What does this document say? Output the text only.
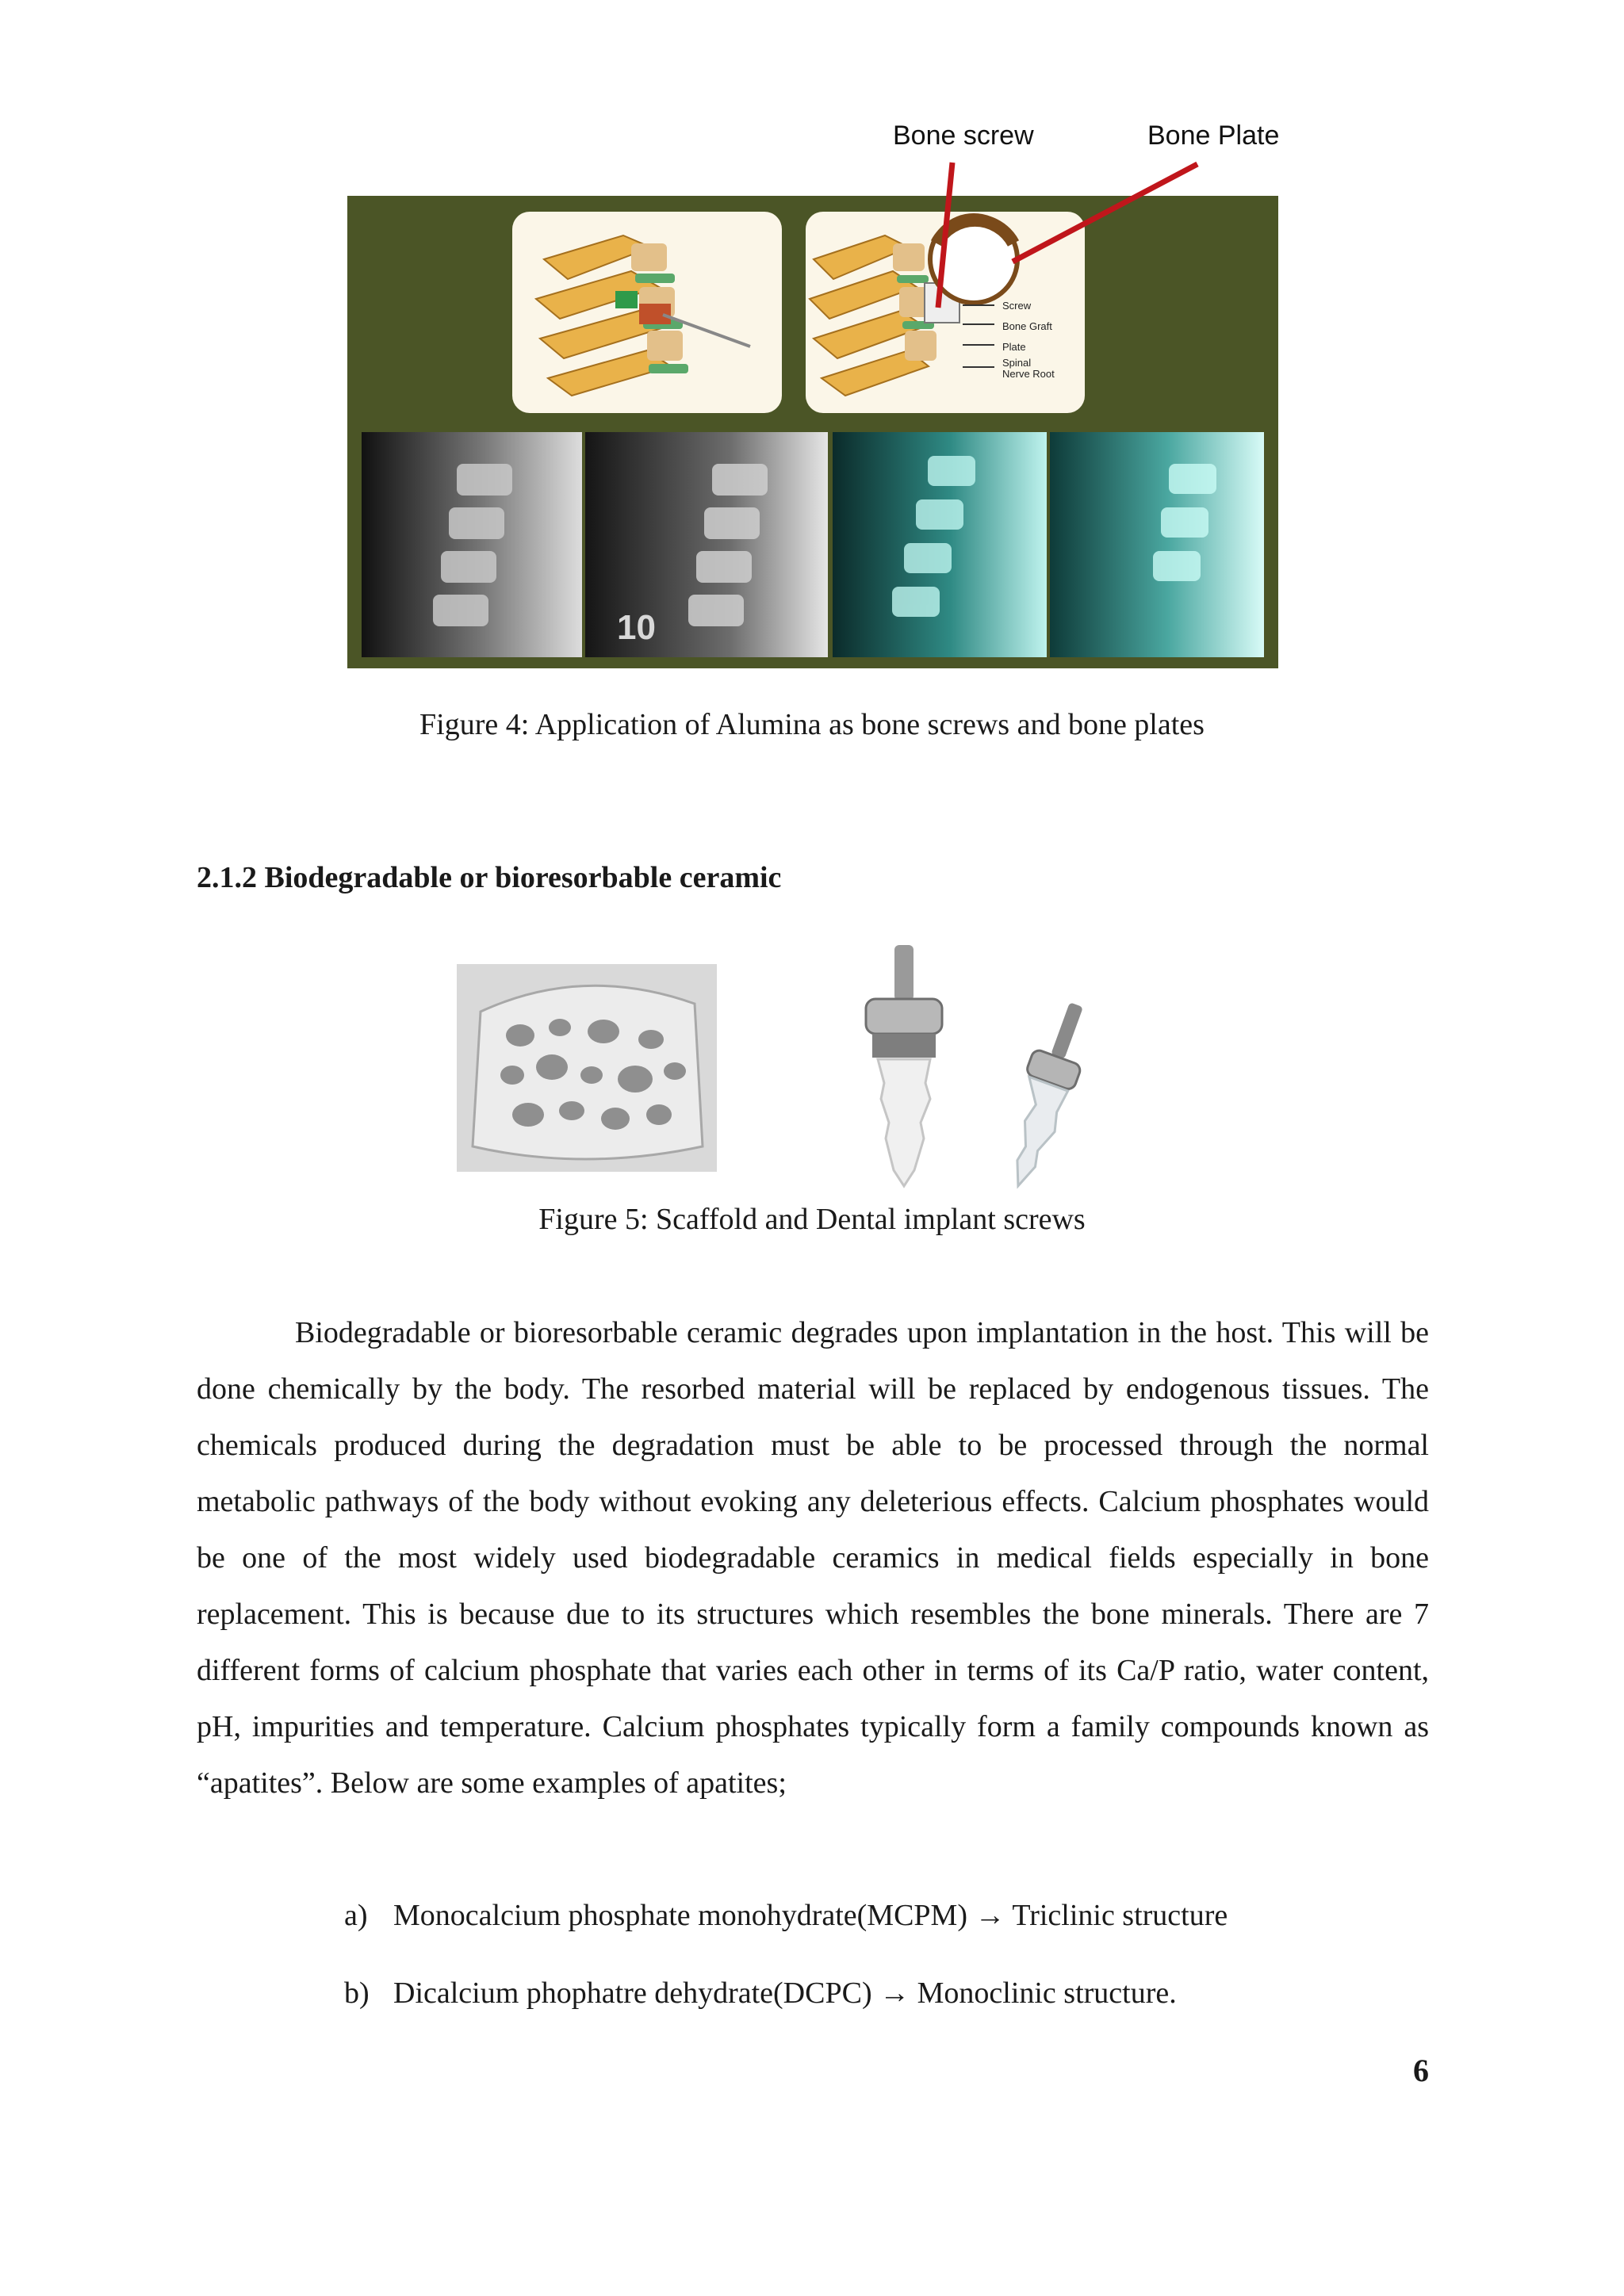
Bone screw	Bone Plate
Screw
Bone Graft
Plate
Spinal
Nerve Root
10
Figure 4: Application of Alumina as bone screws and bone plates
2.1.2 Biodegradable or bioresorbable ceramic
Figure 5: Scaffold and Dental implant screws

Biodegradable or bioresorbable ceramic degrades upon implantation in the host. This will be done chemically by the body. The resorbed material will be replaced by endogenous tissues. The chemicals produced during the degradation must be able to be processed through the normal metabolic pathways of the body without evoking any deleterious effects. Calcium phosphates would be one of the most widely used biodegradable ceramics in medical fields especially in bone replacement. This is because due to its structures which resembles the bone minerals. There are 7 different forms of calcium phosphate that varies each other in terms of its Ca/P ratio, water content, pH, impurities and temperature. Calcium phosphates typically form a family compounds known as “apatites”. Below are some examples of apatites;

a) Monocalcium phosphate monohydrate(MCPM) → Triclinic structure
b) Dicalcium phophatre dehydrate(DCPC) → Monoclinic structure.
6
